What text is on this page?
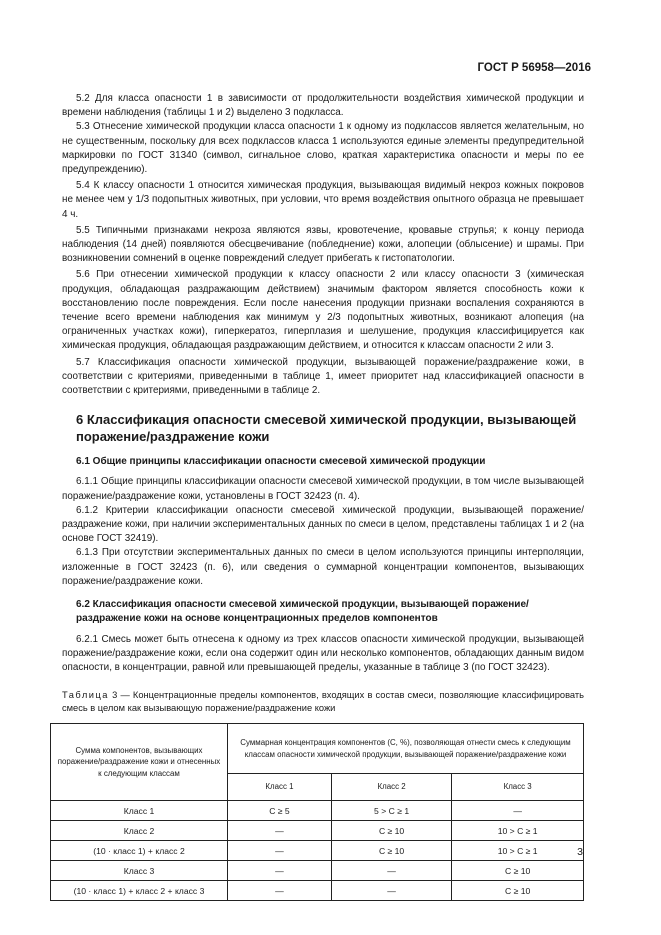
ГОСТ Р 56958—2016

5.2 Для класса опасности 1 в зависимости от продолжительности воздействия химической продукции и времени наблюдения (таблицы 1 и 2) выделено 3 подкласса.

5.3 Отнесение химической продукции класса опасности 1 к одному из подклассов является желательным, но не существенным, поскольку для всех подклассов класса 1 используются единые элементы предупредительной маркировки по ГОСТ 31340 (символ, сигнальное слово, краткая характеристика опасности и меры по ее предупреждению).

5.4 К классу опасности 1 относится химическая продукция, вызывающая видимый некроз кожных покровов не менее чем у 1/3 подопытных животных, при условии, что время воздействия опытного образца не превышает 4 ч.

5.5 Типичными признаками некроза являются язвы, кровотечение, кровавые струпья; к концу периода наблюдения (14 дней) появляются обесцвечивание (побледнение) кожи, алопеции (облысение) и шрамы. При возникновении сомнений в оценке повреждений следует прибегать к гистопатологии.

5.6 При отнесении химической продукции к классу опасности 2 или классу опасности 3 (химическая продукция, обладающая раздражающим действием) значимым фактором является способность кожи к восстановлению после повреждения. Если после нанесения продукции признаки воспаления сохраняются в течение всего времени наблюдения как минимум у 2/3 подопытных животных, возникают алопеция (на ограниченных участках кожи), гиперкератоз, гиперплазия и шелушение, продукция классифицируется как химическая продукция, обладающая раздражающим действием, и относится к классам опасности 2 или 3.

5.7 Классификация опасности химической продукции, вызывающей поражение/раздражение кожи, в соответствии с критериями, приведенными в таблице 1, имеет приоритет над классификацией опасности в соответствии с критериями, приведенными в таблице 2.

6 Классификация опасности смесевой химической продукции, вызывающей поражение/раздражение кожи
6.1 Общие принципы классификации опасности смесевой химической продукции

6.1.1 Общие принципы классификации опасности смесевой химической продукции, в том числе вызывающей поражение/раздражение кожи, установлены в ГОСТ 32423 (п. 4).

6.1.2 Критерии классификации опасности смесевой химической продукции, вызывающей поражение/раздражение кожи, при наличии экспериментальных данных по смеси в целом, представлены таблицах 1 и 2 (на основе ГОСТ 32419).

6.1.3 При отсутствии экспериментальных данных по смеси в целом используются принципы интерполяции, изложенные в ГОСТ 32423 (п. 6), или сведения о суммарной концентрации компонентов, вызывающих поражение/раздражение кожи.

6.2 Классификация опасности смесевой химической продукции, вызывающей поражение/раздражение кожи на основе концентрационных пределов компонентов

6.2.1 Смесь может быть отнесена к одному из трех классов опасности химической продукции, вызывающей поражение/раздражение кожи, если она содержит один или несколько компонентов, обладающих данным видом опасности, в концентрации, равной или превышающей пределы, указанные в таблице 3 (по ГОСТ 32423).

Таблица 3 — Концентрационные пределы компонентов, входящих в состав смеси, позволяющие классифицировать смесь в целом как вызывающую поражение/раздражение кожи
Сумма компонентов, вызывающих поражение/раздражение кожи и отнесенных к следующим классам	Суммарная концентрация компонентов (С, %), позволяющая отнести смесь к следующим классам опасности химической продукции, вызывающей поражение/раздражение кожи		
	Класс 1	Класс 2	Класс 3
Класс 1	C ≥ 5	5 > C ≥ 1	—
Класс 2	—	C ≥ 10	10 > C ≥ 1
(10 · класс 1) + класс 2	—	C ≥ 10	10 > C ≥ 1
Класс 3	—	—	C ≥ 10
(10 · класс 1) + класс 2 + класс 3	—	—	C ≥ 10
3
